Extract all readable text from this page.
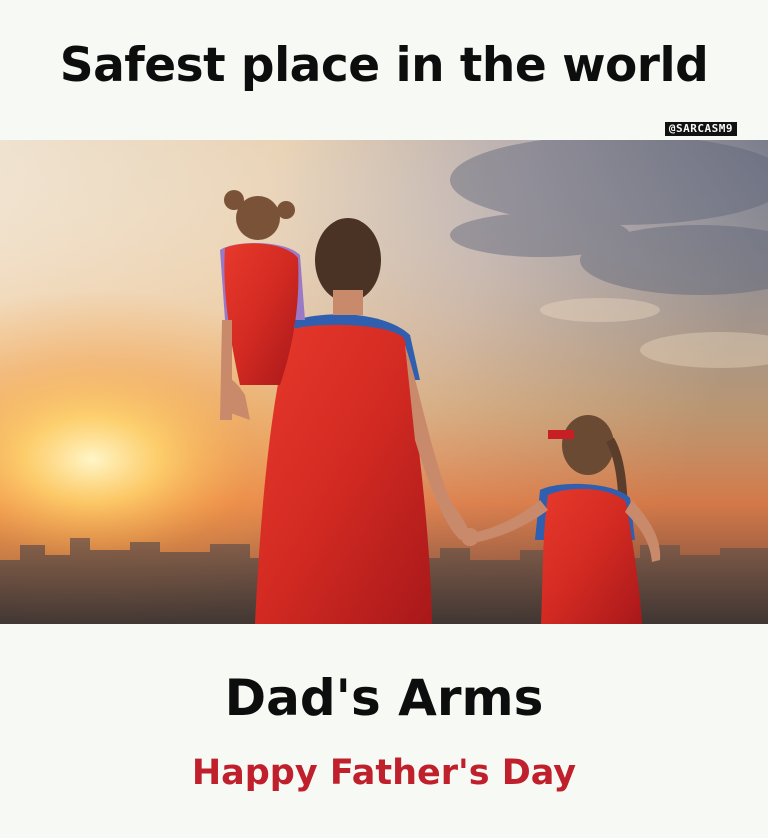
Safest place in the world
@SARCASM9
Dad's Arms
Happy Father's Day
